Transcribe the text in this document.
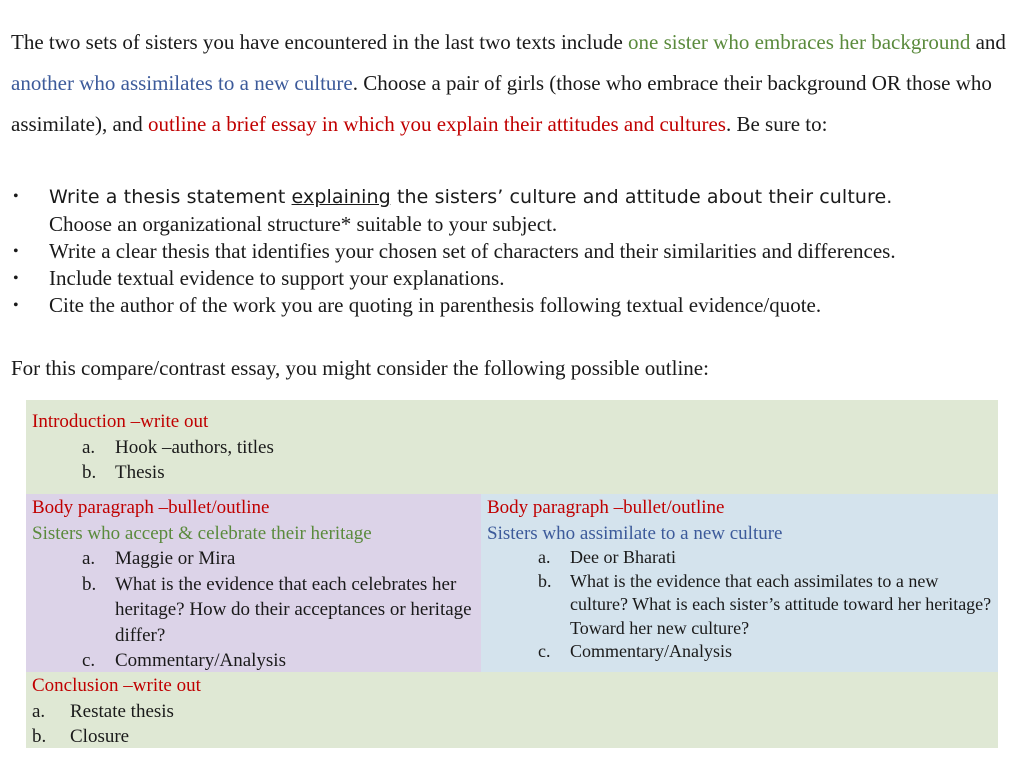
The two sets of sisters you have encountered in the last two texts include one sister who embraces her background and another who assimilates to a new culture. Choose a pair of girls (those who embrace their background OR those who assimilate), and outline a brief essay in which you explain their attitudes and cultures. Be sure to:
• Write a thesis statement explaining the sisters’ culture and attitude about their culture.
Choose an organizational structure* suitable to your subject.
• Write a clear thesis that identifies your chosen set of characters and their similarities and differences.
• Include textual evidence to support your explanations.
• Cite the author of the work you are quoting in parenthesis following textual evidence/quote.
For this compare/contrast essay, you might consider the following possible outline:
Introduction –write out
a. Hook –authors, titles
b. Thesis
Body paragraph –bullet/outline
Sisters who accept & celebrate their heritage
a. Maggie or Mira
b. What is the evidence that each celebrates her heritage? How do their acceptances or heritage differ?
c. Commentary/Analysis
Body paragraph –bullet/outline
Sisters who assimilate to a new culture
a. Dee or Bharati
b. What is the evidence that each assimilates to a new culture? What is each sister’s attitude toward her heritage? Toward her new culture?
c. Commentary/Analysis
Conclusion –write out
a. Restate thesis
b. Closure
